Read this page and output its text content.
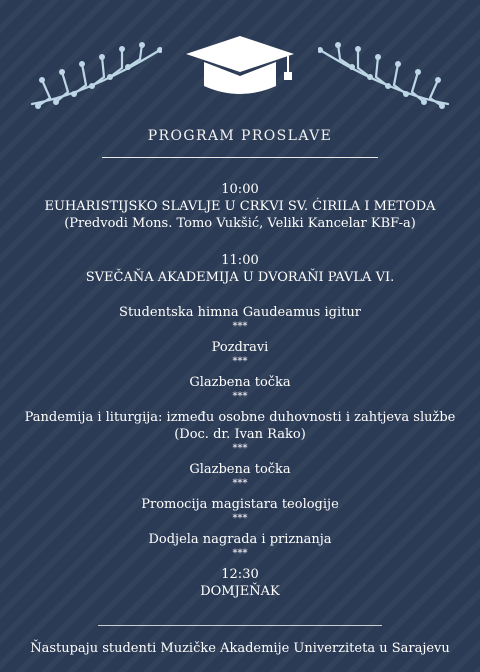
PROGRAM PROSLAVE
10:00
EUHARISTIJSKO SLAVLJE U CRKVI SV. ĆIRILA I METODA
(Predvodi Mons. Tomo Vukšić, Veliki Kancelar KBF-a)
11:00
SVEČAŇA AKADEMIJA U DVORAŇI PAVLA VI.
Studentska himna Gaudeamus igitur
***
Pozdravi
***
Glazbena točka
***
Pandemija i liturgija: između osobne duhovnosti i zahtjeva službe
(Doc. dr. Ivan Rako)
***
Glazbena točka
***
Promocija magistara teologije
***
Dodjela nagrada i priznanja
***
12:30
DOMJEŇAK
Ňastupaju studenti Muzičke Akademije Univerziteta u Sarajevu
